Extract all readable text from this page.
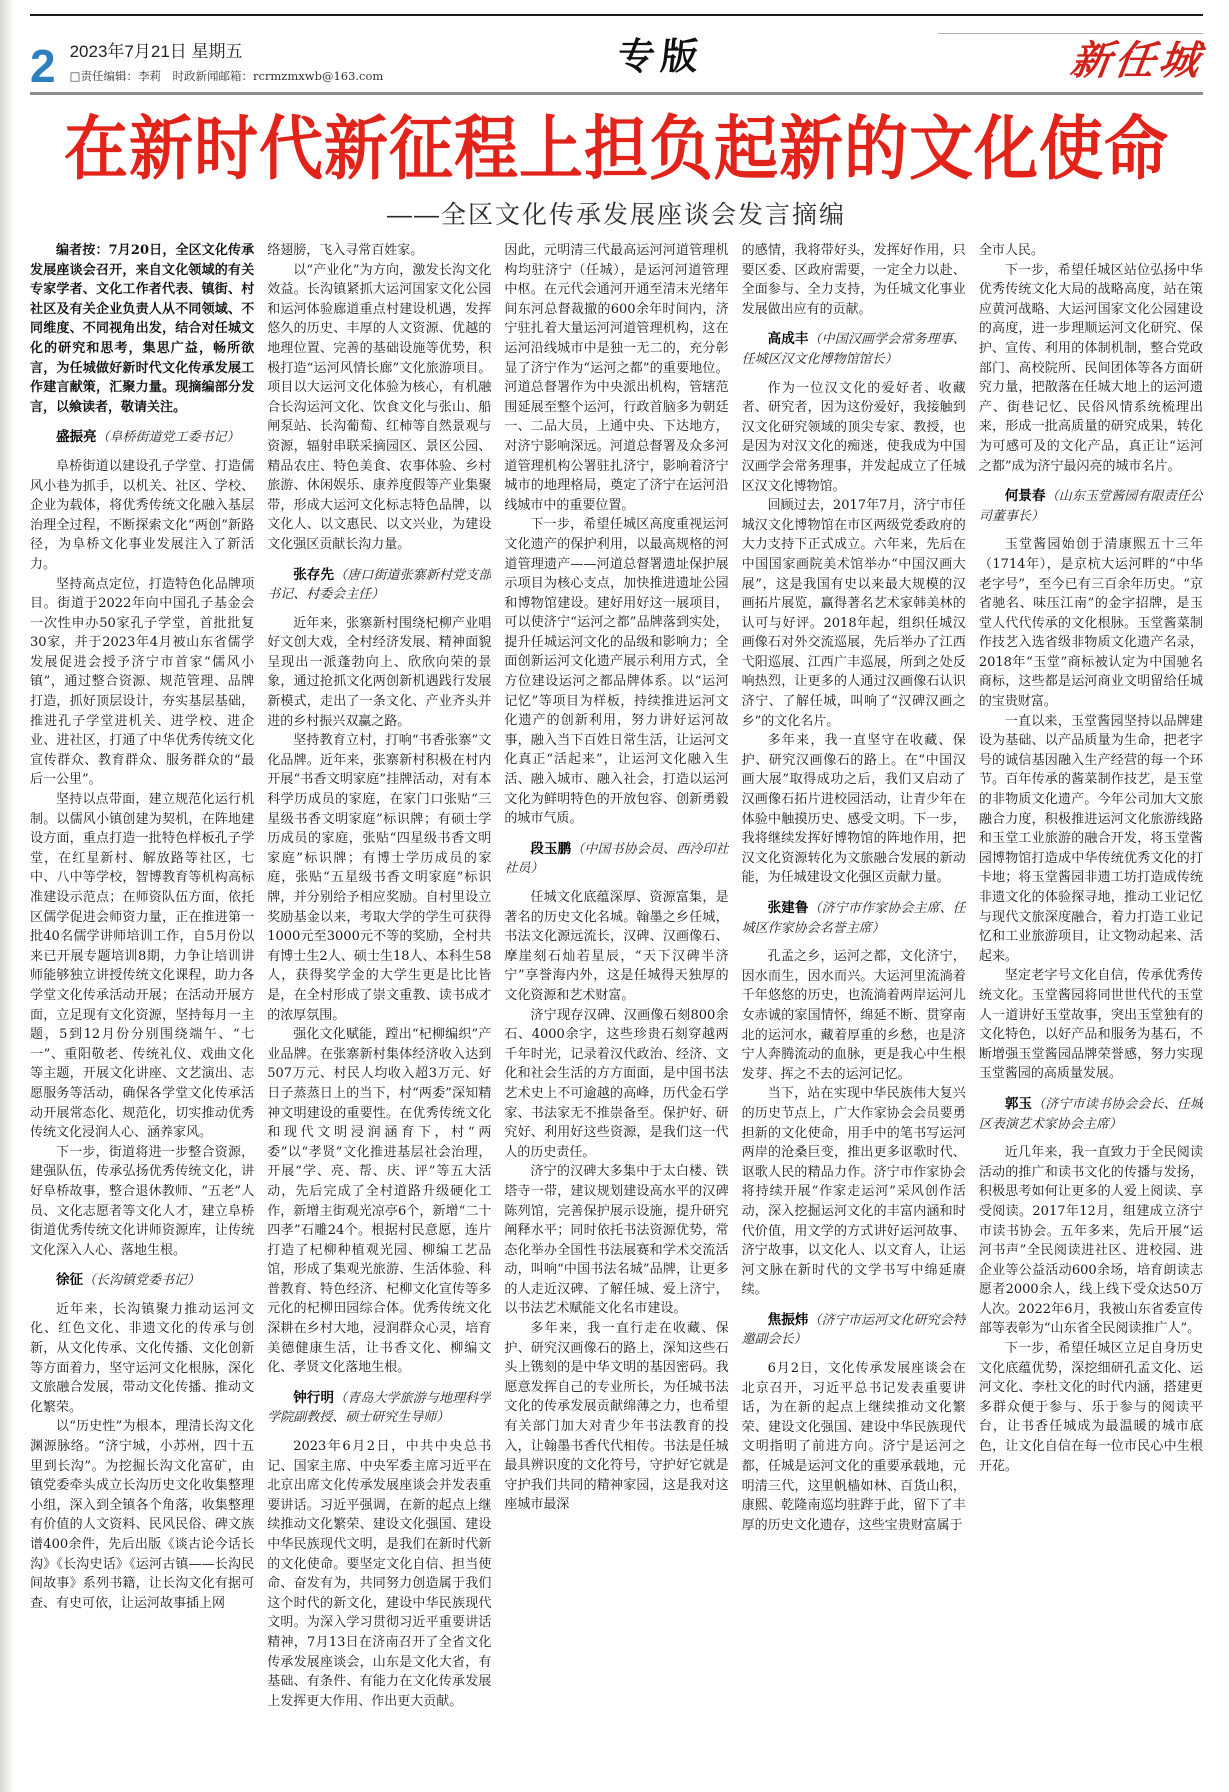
2 2023年7月21日 星期五
□责任编辑：李莉　时政新闻邮箱：rcrmzmxwb@163.com	专版	新任城
在新时代新征程上担负起新的文化使命
——全区文化传承发展座谈会发言摘编

编者按：7月20日，全区文化传承发展座谈会召开，来自文化领域的有关专家学者、文化工作者代表、镇街、村社区及有关企业负责人从不同领域、不同维度、不同视角出发，结合对任城文化的研究和思考，集思广益，畅所欲言，为任城做好新时代文化传承发展工作建言献策，汇聚力量。现摘编部分发言，以飨读者，敬请关注。

盛振亮（阜桥街道党工委书记）

阜桥街道以建设孔子学堂、打造儒风小巷为抓手，以机关、社区、学校、企业为载体，将优秀传统文化融入基层治理全过程，不断探索文化“两创”新路径，为阜桥文化事业发展注入了新活力。

坚持高点定位，打造特色化品牌项目。街道于2022年向中国孔子基金会一次性申办50家孔子学堂，首批批复30家，并于2023年4月被山东省儒学发展促进会授予济宁市首家“儒风小镇”，通过整合资源、规范管理、品牌打造，抓好顶层设计，夯实基层基础，推进孔子学堂进机关、进学校、进企业、进社区，打通了中华优秀传统文化宣传群众、教育群众、服务群众的“最后一公里”。

坚持以点带面，建立规范化运行机制。以儒风小镇创建为契机，在阵地建设方面，重点打造一批特色样板孔子学堂，在红星新村、解放路等社区，七中、八中等学校，智博教育等机构高标准建设示范点；在师资队伍方面，依托区儒学促进会师资力量，正在推进第一批40名儒学讲师培训工作，自5月份以来已开展专题培训8期，力争让培训讲师能够独立讲授传统文化课程，助力各学堂文化传承活动开展；在活动开展方面，立足现有文化资源，坚持每月一主题，5到12月份分别围绕端午、“七一”、重阳敬老、传统礼仪、戏曲文化等主题，开展文化讲座、文艺演出、志愿服务等活动，确保各学堂文化传承活动开展常态化、规范化，切实推动优秀传统文化浸润人心、涵养家风。

下一步，街道将进一步整合资源，建强队伍，传承弘扬优秀传统文化，讲好阜桥故事，整合退休教师、“五老”人员、文化志愿者等文化人才，建立阜桥街道优秀传统文化讲师资源库，让传统文化深入人心、落地生根。

徐征（长沟镇党委书记）

近年来，长沟镇聚力推动运河文化、红色文化、非遗文化的传承与创新，从文化传承、文化传播、文化创新等方面着力，坚守运河文化根脉，深化文旅融合发展，带动文化传播、推动文化繁荣。

以“历史性”为根本，理清长沟文化渊源脉络。“济宁城，小苏州，四十五里到长沟”。为挖掘长沟文化富矿，由镇党委牵头成立长沟历史文化收集整理小组，深入到全镇各个角落，收集整理有价值的人文资料、民风民俗、碑文族谱400余件，先后出版《谈古论今话长沟》《长沟史话》《运河古镇——长沟民间故事》系列书籍，让长沟文化有据可查、有史可依，让运河故事插上网

络翅膀，飞入寻常百姓家。

以“产业化”为方向，激发长沟文化效益。长沟镇紧抓大运河国家文化公园和运河体验廊道重点村建设机遇，发挥悠久的历史、丰厚的人文资源、优越的地理位置、完善的基础设施等优势，积极打造“运河风情长廊”文化旅游项目。项目以大运河文化体验为核心，有机融合长沟运河文化、饮食文化与张山、船闸泵站、长沟葡萄、红柿等自然景观与资源，辐射串联采摘园区、景区公园、精品农庄、特色美食、农事体验、乡村旅游、休闲娱乐、康养度假等产业集聚带，形成大运河文化标志特色品牌，以文化人、以文惠民、以文兴业，为建设文化强区贡献长沟力量。

张存先（唐口街道张寨新村党支部书记、村委会主任）

近年来，张寨新村围绕杞柳产业唱好文创大戏，全村经济发展、精神面貌呈现出一派蓬勃向上、欣欣向荣的景象，通过抢抓文化两创新机遇践行发展新模式，走出了一条文化、产业齐头并进的乡村振兴双赢之路。

坚持教育立村，打响“书香张寨”文化品牌。近年来，张寨新村积极在村内开展“书香文明家庭”挂牌活动，对有本科学历成员的家庭，在家门口张贴“三星级书香文明家庭”标识牌；有硕士学历成员的家庭，张贴“四星级书香文明家庭”标识牌；有博士学历成员的家庭，张贴“五星级书香文明家庭”标识牌，并分别给予相应奖励。自村里设立奖励基金以来，考取大学的学生可获得1000元至3000元不等的奖励，全村共有博士生2人、硕士生18人、本科生58人，获得奖学金的大学生更是比比皆是，在全村形成了崇文重教、读书成才的浓厚氛围。

强化文化赋能，蹚出“杞柳编织”产业品牌。在张寨新村集体经济收入达到507万元、村民人均收入超3万元、好日子蒸蒸日上的当下，村“两委”深知精神文明建设的重要性。在优秀传统文化和现代文明浸润涵育下，村“两委”以“孝贤”文化推进基层社会治理，开展“学、亮、帮、庆、评”等五大活动，先后完成了全村道路升级硬化工作，新增主街观光凉亭6个，新增“二十四孝”石雕24个。根据村民意愿，连片打造了杞柳种植观光园、柳编工艺品馆，形成了集观光旅游、生活体验、科普教育、特色经济、杞柳文化宣传等多元化的杞柳田园综合体。优秀传统文化深耕在乡村大地，浸润群众心灵，培育美德健康生活，让书香文化、柳编文化、孝贤文化落地生根。

钟行明（青岛大学旅游与地理科学学院副教授、硕士研究生导师）

2023年6月2日，中共中央总书记、国家主席、中央军委主席习近平在北京出席文化传承发展座谈会并发表重要讲话。习近平强调，在新的起点上继续推动文化繁荣、建设文化强国、建设中华民族现代文明，是我们在新时代新的文化使命。要坚定文化自信、担当使命、奋发有为，共同努力创造属于我们这个时代的新文化，建设中华民族现代文明。为深入学习贯彻习近平重要讲话精神，7月13日在济南召开了全省文化传承发展座谈会，山东是文化大省，有基础、有条件、有能力在文化传承发展上发挥更大作用、作出更大贡献。

因此，元明清三代最高运河河道管理机构均驻济宁（任城），是运河河道管理中枢。在元代会通河开通至清末光绪年间东河总督裁撤的600余年时间内，济宁驻扎着大量运河河道管理机构，这在运河沿线城市中是独一无二的，充分彰显了济宁作为“运河之都”的重要地位。河道总督署作为中央派出机构，管辖范围延展至整个运河，行政首脑多为朝廷一、二品大员，上通中央、下达地方，对济宁影响深远。河道总督署及众多河道管理机构公署驻扎济宁，影响着济宁城市的地理格局，奠定了济宁在运河沿线城市中的重要位置。

下一步，希望任城区高度重视运河文化遗产的保护利用，以最高规格的河道管理遗产——河道总督署遗址保护展示项目为核心支点，加快推进遗址公园和博物馆建设。建好用好这一展项目，可以使济宁“运河之都”品牌落到实处，提升任城运河文化的品级和影响力；全面创新运河文化遗产展示利用方式，全方位建设运河之都品牌体系。以“运河记忆”等项目为样板，持续推进运河文化遗产的创新利用，努力讲好运河故事，融入当下百姓日常生活，让运河文化真正“活起来”，让运河文化融入生活、融入城市、融入社会，打造以运河文化为鲜明特色的开放包容、创新勇毅的城市气质。

段玉鹏（中国书协会员、西泠印社社员）

任城文化底蕴深厚、资源富集，是著名的历史文化名城。翰墨之乡任城，书法文化源远流长，汉碑、汉画像石、摩崖刻石灿若星辰，“天下汉碑半济宁”享誉海内外，这是任城得天独厚的文化资源和艺术财富。

济宁现存汉碑、汉画像石刻800余石、4000余字，这些珍贵石刻穿越两千年时光，记录着汉代政治、经济、文化和社会生活的方方面面，是中国书法艺术史上不可逾越的高峰，历代金石学家、书法家无不推崇备至。保护好、研究好、利用好这些资源，是我们这一代人的历史责任。

济宁的汉碑大多集中于太白楼、铁塔寺一带，建议规划建设高水平的汉碑陈列馆，完善保护展示设施，提升研究阐释水平；同时依托书法资源优势，常态化举办全国性书法展赛和学术交流活动，叫响“中国书法名城”品牌，让更多的人走近汉碑、了解任城、爱上济宁，以书法艺术赋能文化名市建设。

多年来，我一直行走在收藏、保护、研究汉画像石的路上，深知这些石头上镌刻的是中华文明的基因密码。我愿意发挥自己的专业所长，为任城书法文化的传承发展贡献绵薄之力，也希望有关部门加大对青少年书法教育的投入，让翰墨书香代代相传。书法是任城最具辨识度的文化符号，守护好它就是守护我们共同的精神家园，这是我对这座城市最深

的感情，我将带好头，发挥好作用，只要区委、区政府需要，一定全力以赴、全面参与、全力支持，为任城文化事业发展做出应有的贡献。

高成丰（中国汉画学会常务理事、任城区汉文化博物馆馆长）

作为一位汉文化的爱好者、收藏者、研究者，因为这份爱好，我接触到汉文化研究领域的顶尖专家、教授，也是因为对汉文化的痴迷，使我成为中国汉画学会常务理事，并发起成立了任城区汉文化博物馆。

回顾过去，2017年7月，济宁市任城汉文化博物馆在市区两级党委政府的大力支持下正式成立。六年来，先后在中国国家画院美术馆举办“中国汉画大展”，这是我国有史以来最大规模的汉画拓片展览，赢得著名艺术家韩美林的认可与好评。2018年起，组织任城汉画像石对外交流巡展，先后举办了江西弋阳巡展、江西广丰巡展，所到之处反响热烈，让更多的人通过汉画像石认识济宁、了解任城，叫响了“汉碑汉画之乡”的文化名片。

多年来，我一直坚守在收藏、保护、研究汉画像石的路上。在“中国汉画大展”取得成功之后，我们又启动了汉画像石拓片进校园活动，让青少年在体验中触摸历史、感受文明。下一步，我将继续发挥好博物馆的阵地作用，把汉文化资源转化为文旅融合发展的新动能，为任城建设文化强区贡献力量。

张建鲁（济宁市作家协会主席、任城区作家协会名誉主席）

孔孟之乡，运河之都，文化济宁，因水而生，因水而兴。大运河里流淌着千年悠悠的历史，也流淌着两岸运河儿女赤诚的家国情怀，绵延不断、贯穿南北的运河水，藏着厚重的乡愁，也是济宁人奔腾流动的血脉，更是我心中生根发芽、挥之不去的运河记忆。

当下，站在实现中华民族伟大复兴的历史节点上，广大作家协会会员要勇担新的文化使命，用手中的笔书写运河两岸的沧桑巨变，推出更多讴歌时代、讴歌人民的精品力作。济宁市作家协会将持续开展“作家走运河”采风创作活动，深入挖掘运河文化的丰富内涵和时代价值，用文学的方式讲好运河故事、济宁故事，以文化人、以文育人，让运河文脉在新时代的文学书写中绵延赓续。

焦振炜（济宁市运河文化研究会特邀副会长）

6月2日，文化传承发展座谈会在北京召开，习近平总书记发表重要讲话，为在新的起点上继续推动文化繁荣、建设文化强国、建设中华民族现代文明指明了前进方向。济宁是运河之都，任城是运河文化的重要承载地，元明清三代，这里帆樯如林、百货山积，康熙、乾隆南巡均驻跸于此，留下了丰厚的历史文化遗存，这些宝贵财富属于

全市人民。

下一步，希望任城区站位弘扬中华优秀传统文化大局的战略高度，站在策应黄河战略、大运河国家文化公园建设的高度，进一步理顺运河文化研究、保护、宣传、利用的体制机制，整合党政部门、高校院所、民间团体等各方面研究力量，把散落在任城大地上的运河遗产、街巷记忆、民俗风情系统梳理出来，形成一批高质量的研究成果，转化为可感可及的文化产品，真正让“运河之都”成为济宁最闪亮的城市名片。

何景春（山东玉堂酱园有限责任公司董事长）

玉堂酱园始创于清康熙五十三年（1714年），是京杭大运河畔的“中华老字号”，至今已有三百余年历史。“京省驰名、味压江南”的金字招牌，是玉堂人代代传承的文化根脉。玉堂酱菜制作技艺入选省级非物质文化遗产名录，2018年“玉堂”商标被认定为中国驰名商标，这些都是运河商业文明留给任城的宝贵财富。

一直以来，玉堂酱园坚持以品牌建设为基础、以产品质量为生命，把老字号的诚信基因融入生产经营的每一个环节。百年传承的酱菜制作技艺，是玉堂的非物质文化遗产。今年公司加大文旅融合力度，积极推进运河文化旅游线路和玉堂工业旅游的融合开发，将玉堂酱园博物馆打造成中华传统优秀文化的打卡地；将玉堂酱园非遗工坊打造成传统非遗文化的体验探寻地，推动工业记忆与现代文旅深度融合，着力打造工业记忆和工业旅游项目，让文物动起来、活起来。

坚定老字号文化自信，传承优秀传统文化。玉堂酱园将同世世代代的玉堂人一道讲好玉堂故事，突出玉堂独有的文化特色，以好产品和服务为基石，不断增强玉堂酱园品牌荣誉感，努力实现玉堂酱园的高质量发展。

郭玉（济宁市读书协会会长、任城区表演艺术家协会主席）

近几年来，我一直致力于全民阅读活动的推广和读书文化的传播与发扬，积极思考如何让更多的人爱上阅读、享受阅读。2017年12月，组建成立济宁市读书协会。五年多来，先后开展“运河书声”全民阅读进社区、进校园、进企业等公益活动600余场，培育朗读志愿者2000余人，线上线下受众达50万人次。2022年6月，我被山东省委宣传部等表彰为“山东省全民阅读推广人”。

下一步，希望任城区立足自身历史文化底蕴优势，深挖细研孔孟文化、运河文化、李杜文化的时代内涵，搭建更多群众便于参与、乐于参与的阅读平台，让书香任城成为最温暖的城市底色，让文化自信在每一位市民心中生根开花。
